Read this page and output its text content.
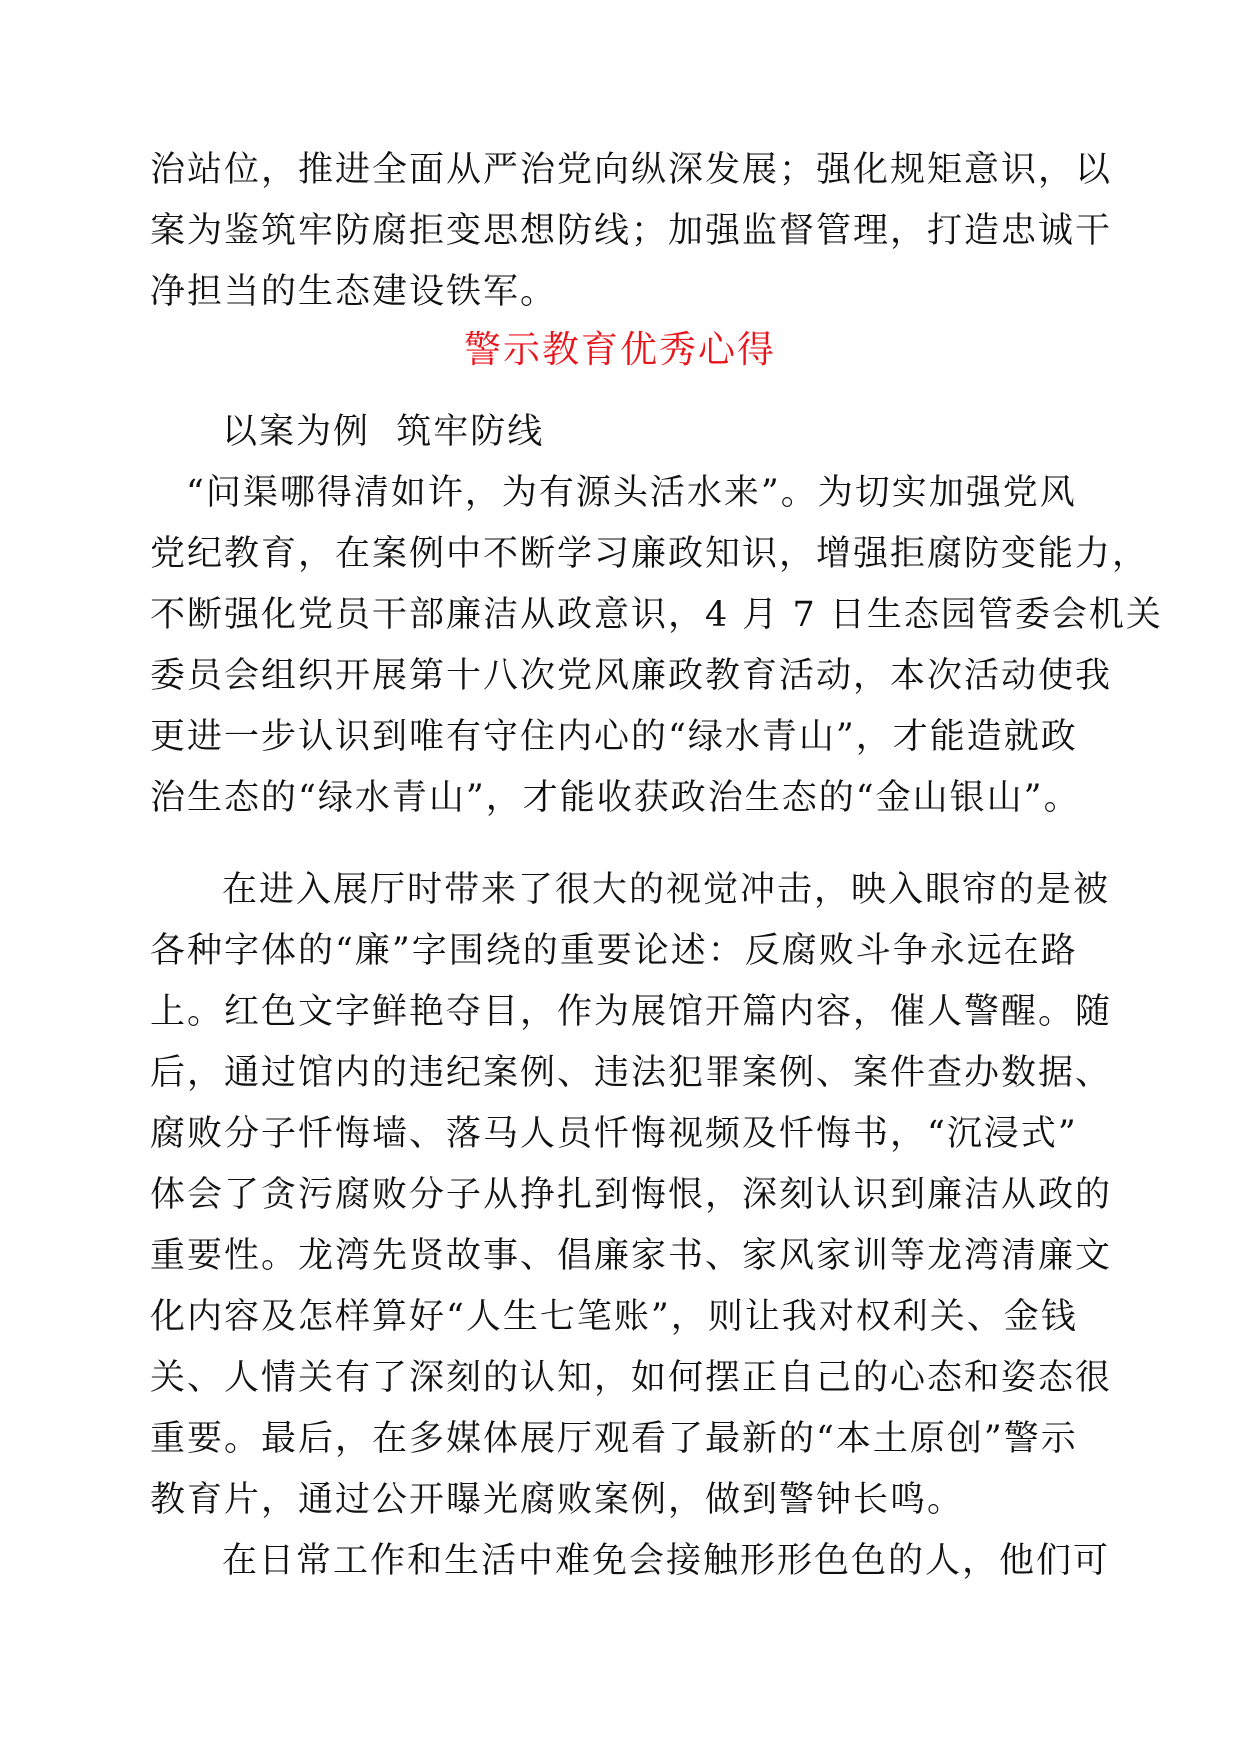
治站位，推进全面从严治党向纵深发展；强化规矩意识，以
案为鉴筑牢防腐拒变思想防线；加强监督管理，打造忠诚干
净担当的生态建设铁军。
警示教育优秀心得
以案为例  筑牢防线
“问渠哪得清如许，为有源头活水来”。为切实加强党风
党纪教育，在案例中不断学习廉政知识，增强拒腐防变能力，
不断强化党员干部廉洁从政意识，4 月 7 日生态园管委会机关
委员会组织开展第十八次党风廉政教育活动，本次活动使我
更进一步认识到唯有守住内心的“绿水青山”，才能造就政
治生态的“绿水青山”，才能收获政治生态的“金山银山”。
在进入展厅时带来了很大的视觉冲击，映入眼帘的是被
各种字体的“廉”字围绕的重要论述：反腐败斗争永远在路
上。红色文字鲜艳夺目，作为展馆开篇内容，催人警醒。随
后，通过馆内的违纪案例、违法犯罪案例、案件查办数据、
腐败分子忏悔墙、落马人员忏悔视频及忏悔书，“沉浸式”
体会了贪污腐败分子从挣扎到悔恨，深刻认识到廉洁从政的
重要性。龙湾先贤故事、倡廉家书、家风家训等龙湾清廉文
化内容及怎样算好“人生七笔账”，则让我对权利关、金钱
关、人情关有了深刻的认知，如何摆正自己的心态和姿态很
重要。最后，在多媒体展厅观看了最新的“本土原创”警示
教育片，通过公开曝光腐败案例，做到警钟长鸣。
在日常工作和生活中难免会接触形形色色的人，他们可
